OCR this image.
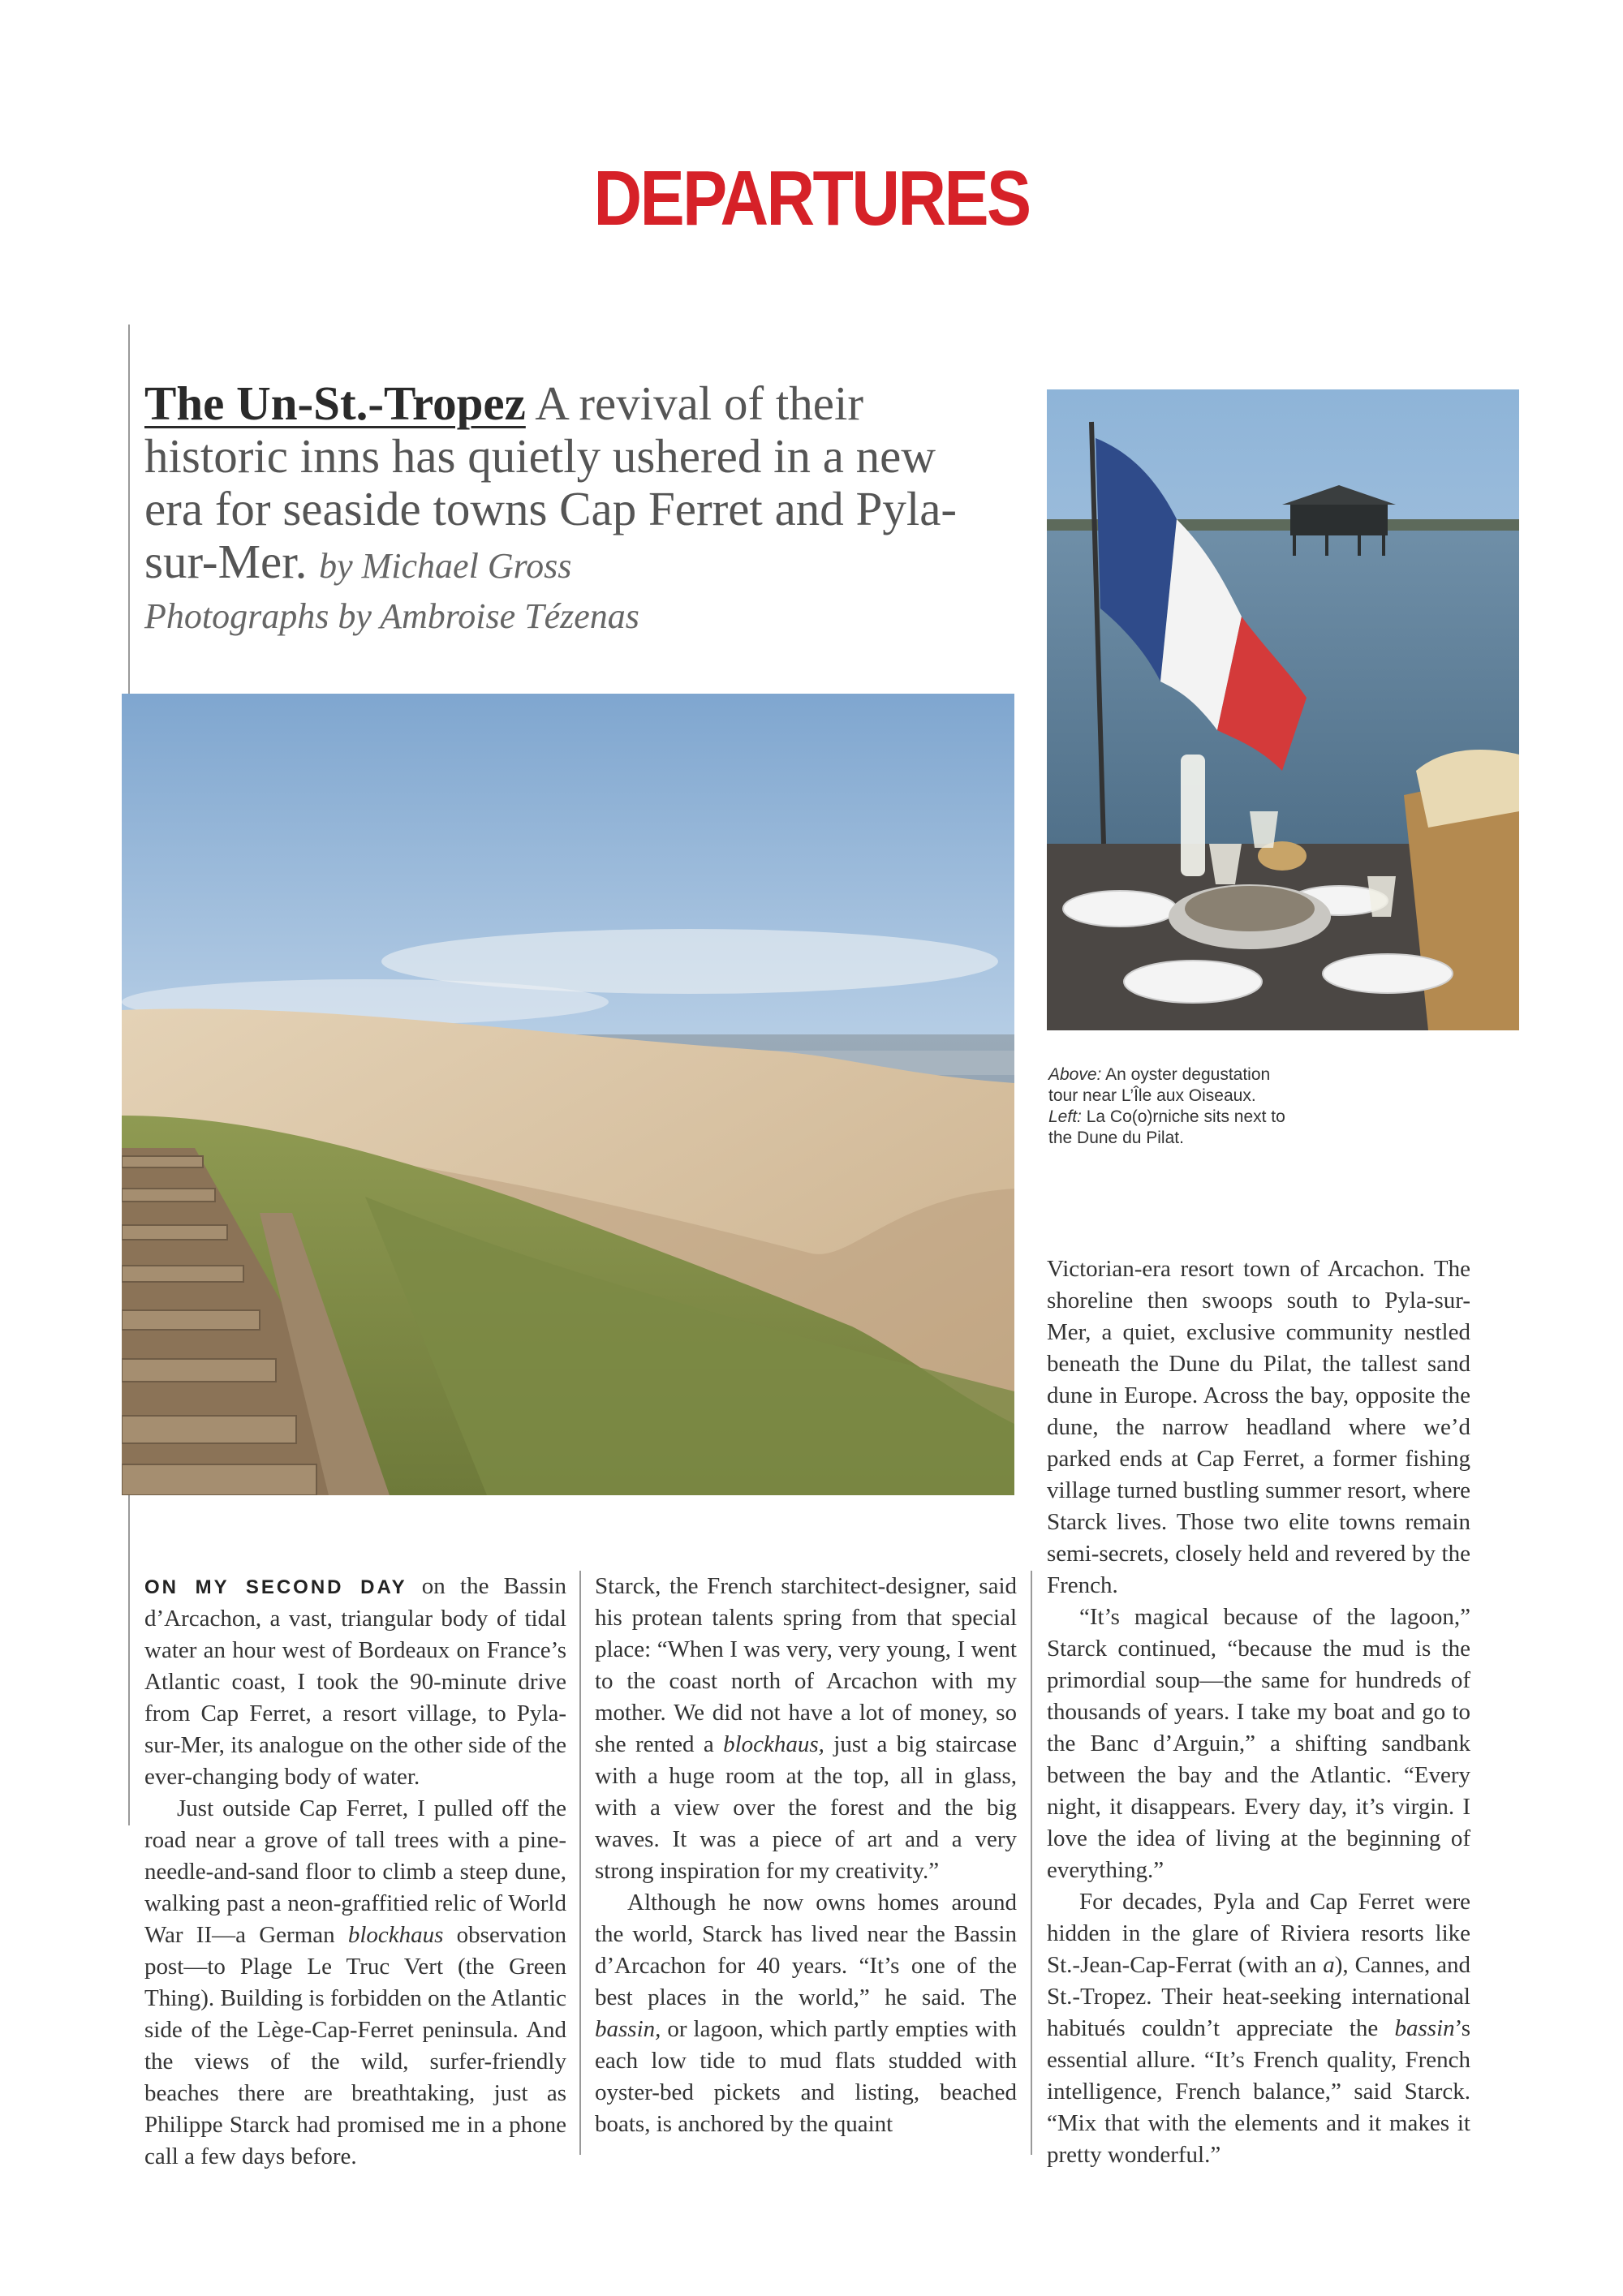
DEPARTURES
The Un-St.-Tropez A revival of their historic inns has quietly ushered in a new era for seaside towns Cap Ferret and Pyla-sur-Mer. by Michael Gross
Photographs by Ambroise Tézenas
Above: An oyster degustation tour near L’Île aux Oiseaux.
Left: La Co(o)rniche sits next to the Dune du Pilat.

ON MY SECOND DAY on the Bassin d’Arcachon, a vast, triangular body of tidal water an hour west of Bordeaux on France’s Atlantic coast, I took the 90-minute drive from Cap Ferret, a resort village, to Pyla-sur-Mer, its analogue on the other side of the ever-changing body of water.

Just outside Cap Ferret, I pulled off the road near a grove of tall trees with a pine-needle-and-sand floor to climb a steep dune, walking past a neon-graffitied relic of World War II—a German blockhaus observation post—to Plage Le Truc Vert (the Green Thing). Building is forbidden on the Atlantic side of the Lège-Cap-Ferret peninsula. And the views of the wild, surfer-friendly beaches there are breathtaking, just as Philippe Starck had promised me in a phone call a few days before.

Starck, the French starchitect-designer, said his protean talents spring from that special place: “When I was very, very young, I went to the coast north of Arcachon with my mother. We did not have a lot of money, so she rented a blockhaus, just a big staircase with a huge room at the top, all in glass, with a view over the forest and the big waves. It was a piece of art and a very strong inspiration for my creativity.”

Although he now owns homes around the world, Starck has lived near the Bassin d’Arcachon for 40 years. “It’s one of the best places in the world,” he said. The bassin, or lagoon, which partly empties with each low tide to mud flats studded with oyster-bed pickets and listing, beached boats, is anchored by the quaint

Victorian-era resort town of Arcachon. The shoreline then swoops south to Pyla-sur-Mer, a quiet, exclusive community nestled beneath the Dune du Pilat, the tallest sand dune in Europe. Across the bay, opposite the dune, the narrow headland where we’d parked ends at Cap Ferret, a former fishing village turned bustling summer resort, where Starck lives. Those two elite towns remain semi-secrets, closely held and revered by the French.

“It’s magical because of the lagoon,” Starck continued, “because the mud is the primordial soup—the same for hundreds of thousands of years. I take my boat and go to the Banc d’Arguin,” a shifting sandbank between the bay and the Atlantic. “Every night, it disappears. Every day, it’s virgin. I love the idea of living at the beginning of everything.”

For decades, Pyla and Cap Ferret were hidden in the glare of Riviera resorts like St.-Jean-Cap-Ferrat (with an a), Cannes, and St.-Tropez. Their heat-seeking international habitués couldn’t appreciate the bassin’s essential allure. “It’s French quality, French intelligence, French balance,” said Starck. “Mix that with the elements and it makes it pretty wonderful.”
